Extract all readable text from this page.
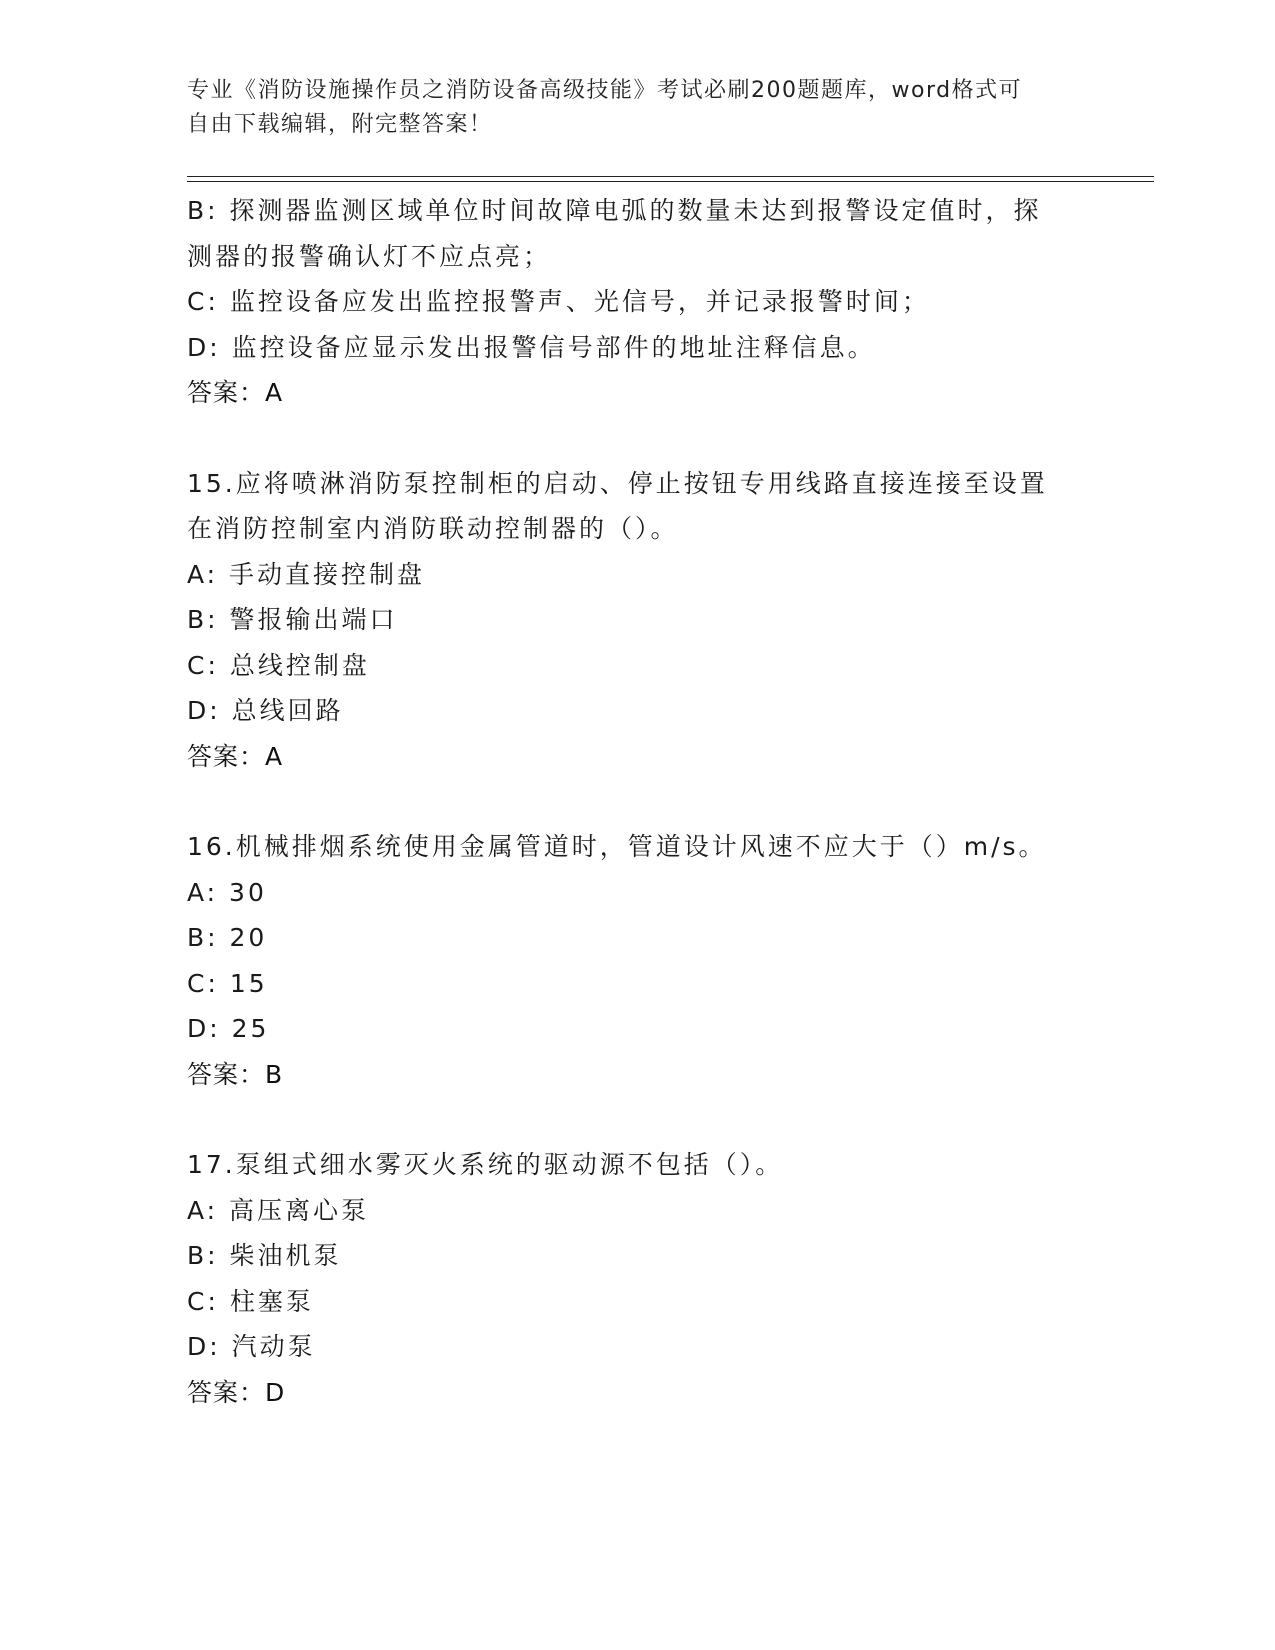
专业《消防设施操作员之消防设备高级技能》考试必刷200题题库，word格式可
自由下载编辑，附完整答案！
B: 探测器监测区域单位时间故障电弧的数量未达到报警设定值时，探
测器的报警确认灯不应点亮；
C: 监控设备应发出监控报警声、光信号，并记录报警时间；
D: 监控设备应显示发出报警信号部件的地址注释信息。
答案：A
15.应将喷淋消防泵控制柜的启动、停止按钮专用线路直接连接至设置
在消防控制室内消防联动控制器的（）。
A: 手动直接控制盘
B: 警报输出端口
C: 总线控制盘
D: 总线回路
答案：A
16.机械排烟系统使用金属管道时，管道设计风速不应大于（）m/s。
A: 30
B: 20
C: 15
D: 25
答案：B
17.泵组式细水雾灭火系统的驱动源不包括（）。
A: 高压离心泵
B: 柴油机泵
C: 柱塞泵
D: 汽动泵
答案：D
